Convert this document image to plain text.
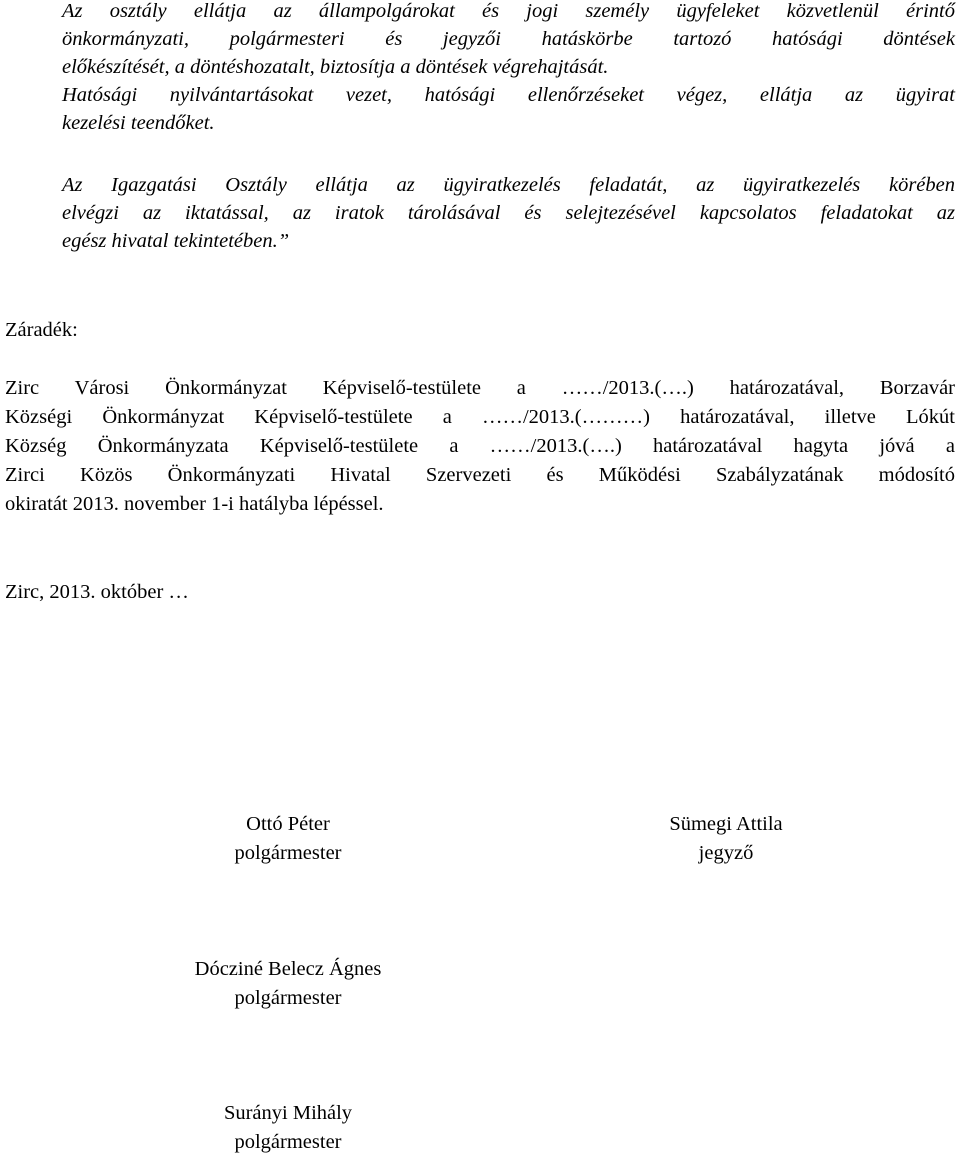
Az osztály ellátja az állampolgárokat és jogi személy ügyfeleket közvetlenül érintő
önkormányzati, polgármesteri és jegyzői hatáskörbe tartozó hatósági döntések
előkészítését, a döntéshozatalt, biztosítja a döntések végrehajtását.
Hatósági nyilvántartásokat vezet, hatósági ellenőrzéseket végez, ellátja az ügyirat
kezelési teendőket.
Az Igazgatási Osztály ellátja az ügyiratkezelés feladatát, az ügyiratkezelés körében
elvégzi az iktatással, az iratok tárolásával és selejtezésével kapcsolatos feladatokat az
egész hivatal tekintetében.”

Záradék:

Zirc Városi Önkormányzat Képviselő-testülete a ……/2013.(….) határozatával, Borzavár
Községi Önkormányzat Képviselő-testülete a ……/2013.(………) határozatával, illetve Lókút
Község Önkormányzata Képviselő-testülete a ……/2013.(….) határozatával hagyta jóvá a
Zirci Közös Önkormányzati Hivatal Szervezeti és Működési Szabályzatának módosító
okiratát 2013. november 1-i hatályba lépéssel.

Zirc, 2013. október …

Ottó Péter
polgármester
Sümegi Attila
jegyző
Dócziné Belecz Ágnes
polgármester
Surányi Mihály
polgármester
